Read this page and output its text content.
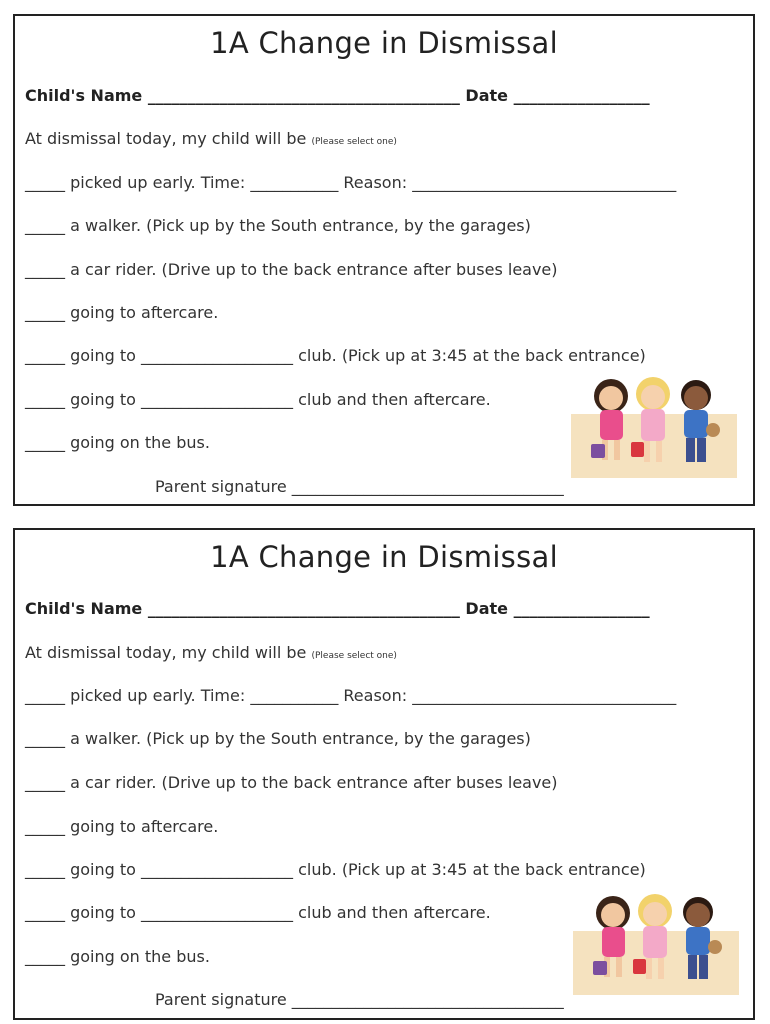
1A Change in Dismissal
Child's Name _______________________________________ Date _________________
At dismissal today, my child will be (Please select one)
_____ picked up early. Time: ___________ Reason: _________________________________
_____ a walker. (Pick up by the South entrance, by the garages)
_____ a car rider. (Drive up to the back entrance after buses leave)
_____ going to aftercare.
_____ going to ___________________ club. (Pick up at 3:45 at the back entrance)
_____ going to ___________________ club and then aftercare.
_____ going on the bus.
Parent signature __________________________________
1A Change in Dismissal
Child's Name _______________________________________ Date _________________
At dismissal today, my child will be (Please select one)
_____ picked up early. Time: ___________ Reason: _________________________________
_____ a walker. (Pick up by the South entrance, by the garages)
_____ a car rider. (Drive up to the back entrance after buses leave)
_____ going to aftercare.
_____ going to ___________________ club. (Pick up at 3:45 at the back entrance)
_____ going to ___________________ club and then aftercare.
_____ going on the bus.
Parent signature __________________________________
